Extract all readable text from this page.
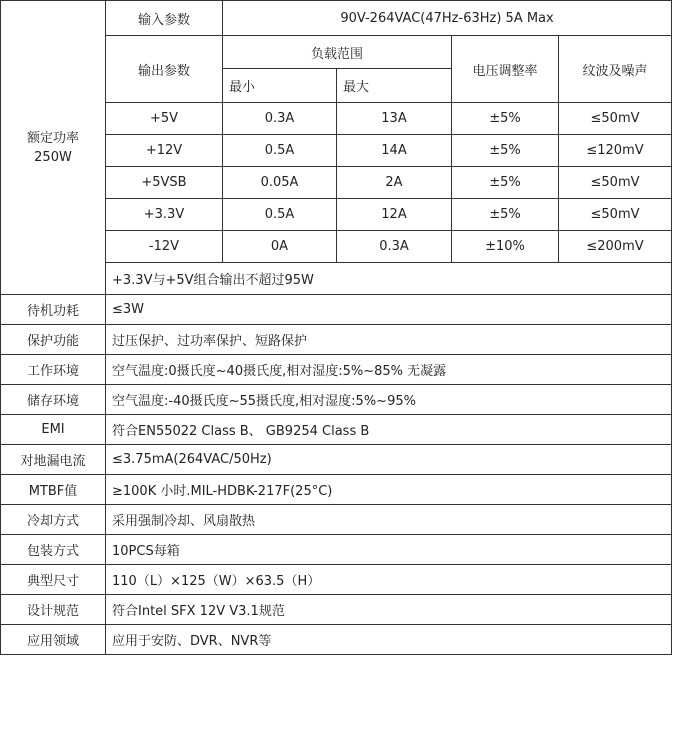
额定功率
250W	输入参数	90V-264VAC(47Hz-63Hz) 5A Max			
	输出参数	负载范围		电压调整率	纹波及噪声
		最小	最大		
	+5V	0.3A	13A	±5%	≤50mV
	+12V	0.5A	14A	±5%	≤120mV
	+5VSB	0.05A	2A	±5%	≤50mV
	+3.3V	0.5A	12A	±5%	≤50mV
	-12V	0A	0.3A	±10%	≤200mV
	+3.3V与+5V组合输出不超过95W				
待机功耗	≤3W				
保护功能	过压保护、过功率保护、短路保护				
工作环境	空气温度:0摄氏度~40摄氏度,相对湿度:5%~85% 无凝露				
储存环境	空气温度:-40摄氏度~55摄氏度,相对湿度:5%~95%				
EMI	符合EN55022 Class B、 GB9254 Class B				
对地漏电流	≤3.75mA(264VAC/50Hz)				
MTBF值	≥100K 小时.MIL-HDBK-217F(25°C)				
冷却方式	采用强制冷却、风扇散热				
包装方式	10PCS每箱				
典型尺寸	110（L）×125（W）×63.5（H）				
设计规范	符合Intel SFX 12V V3.1规范				
应用领域	应用于安防、DVR、NVR等				
